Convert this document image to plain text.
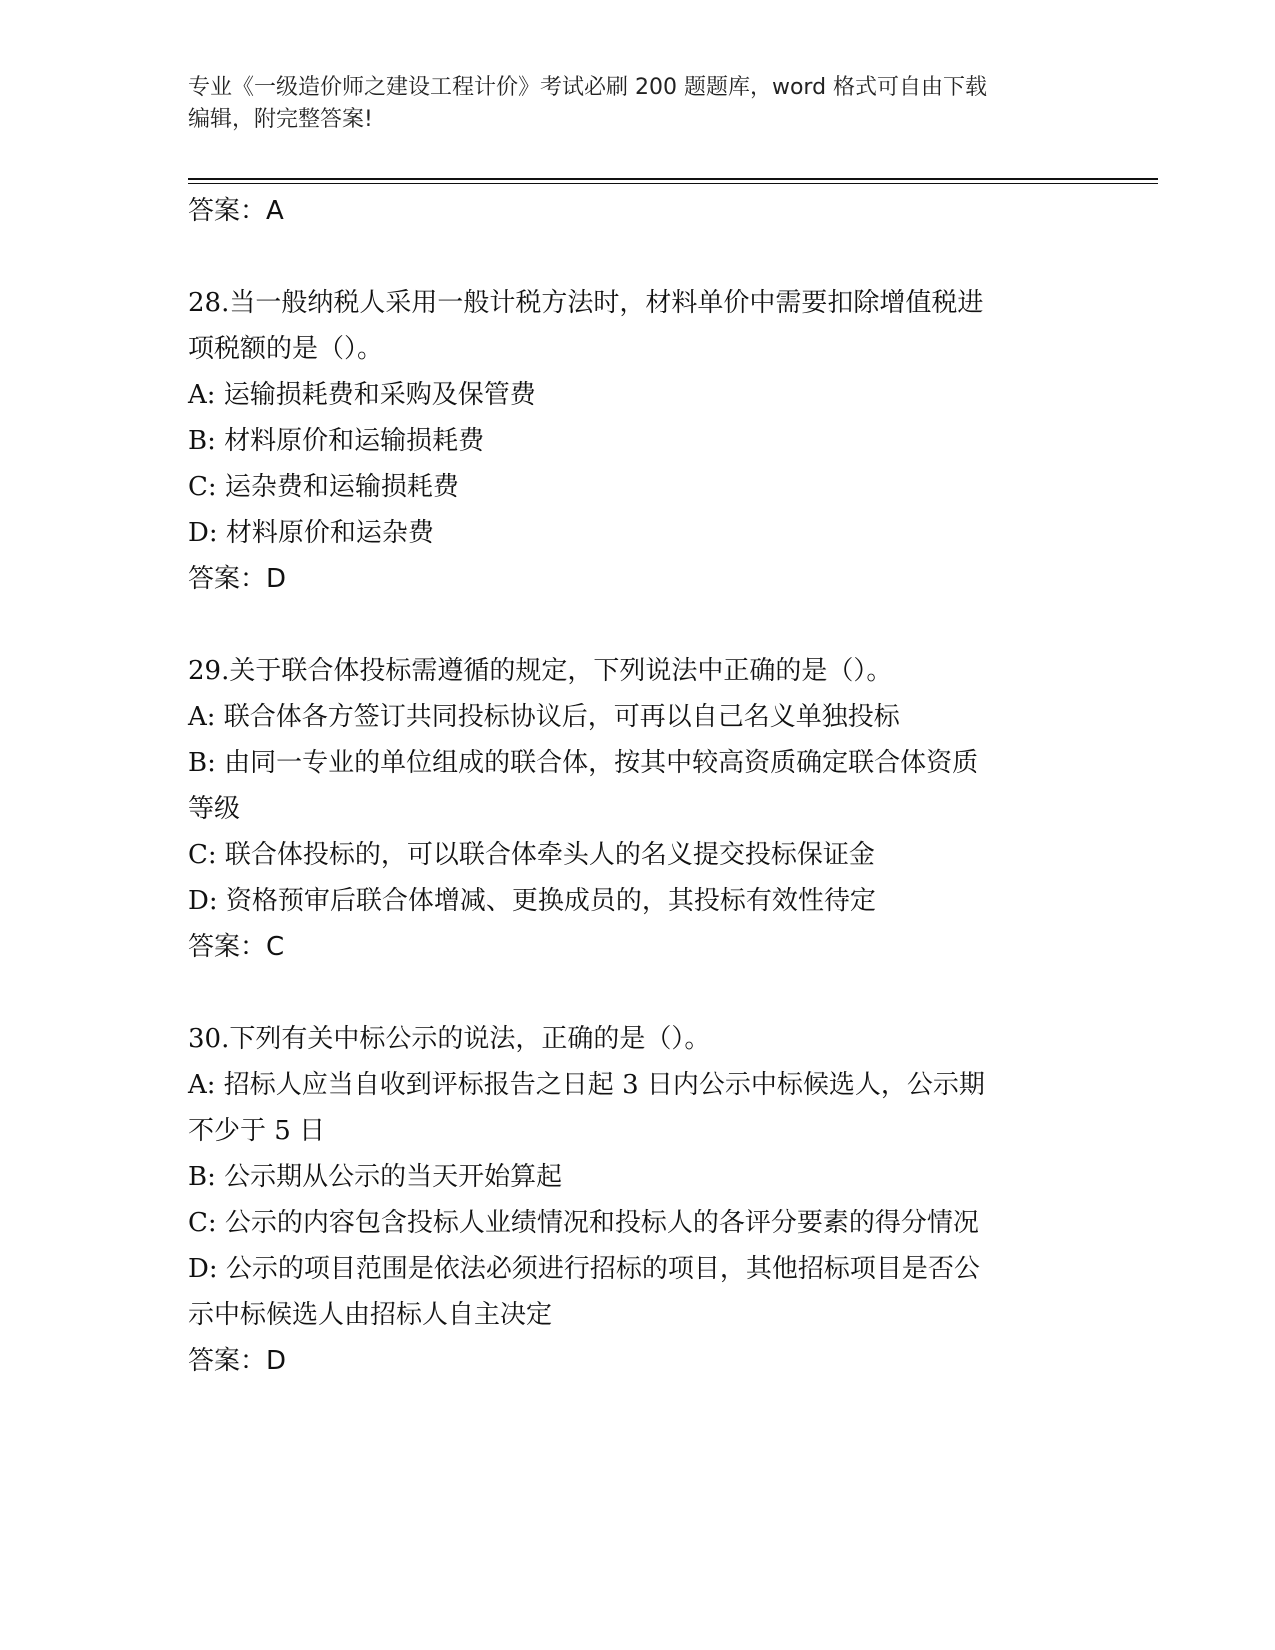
专业《一级造价师之建设工程计价》考试必刷 200 题题库，word 格式可自由下载
编辑，附完整答案!
答案：A
28.当一般纳税人采用一般计税方法时，材料单价中需要扣除增值税进
项税额的是（）。
A: 运输损耗费和采购及保管费
B: 材料原价和运输损耗费
C: 运杂费和运输损耗费
D: 材料原价和运杂费
答案：D
29.关于联合体投标需遵循的规定，下列说法中正确的是（）。
A: 联合体各方签订共同投标协议后，可再以自己名义单独投标
B: 由同一专业的单位组成的联合体，按其中较高资质确定联合体资质
等级
C: 联合体投标的，可以联合体牵头人的名义提交投标保证金
D: 资格预审后联合体增减、更换成员的，其投标有效性待定
答案：C
30.下列有关中标公示的说法，正确的是（）。
A: 招标人应当自收到评标报告之日起 3 日内公示中标候选人，公示期
不少于 5 日
B: 公示期从公示的当天开始算起
C: 公示的内容包含投标人业绩情况和投标人的各评分要素的得分情况
D: 公示的项目范围是依法必须进行招标的项目，其他招标项目是否公
示中标候选人由招标人自主决定
答案：D
